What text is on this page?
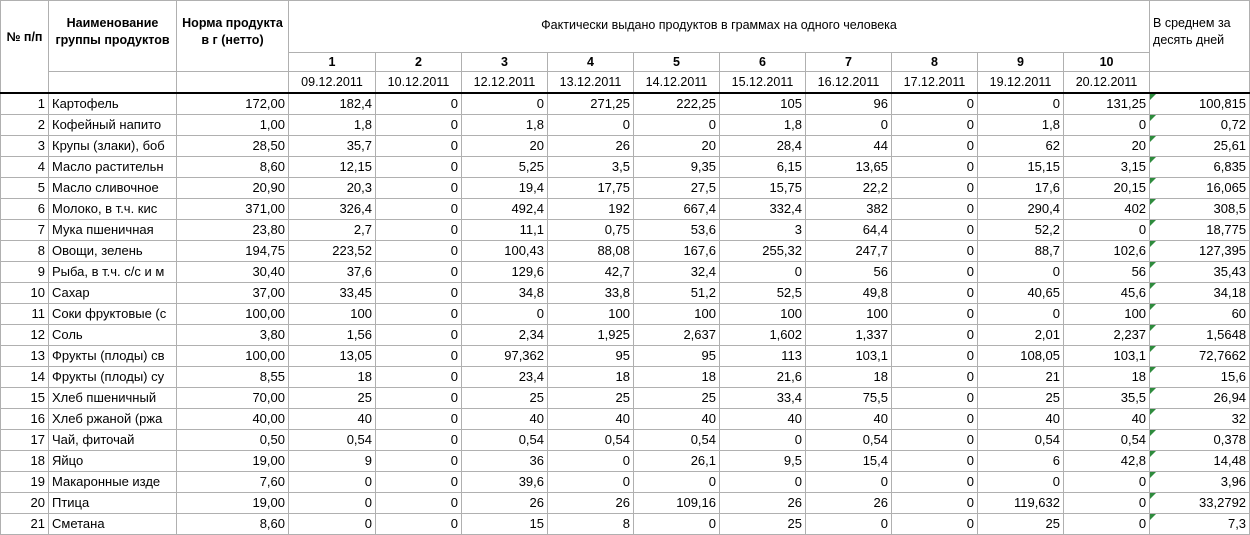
№ п/п	Наименование группы продуктов	Норма продукта в г (нетто)	Фактически выдано продуктов в граммах на одного человека										В среднем за десять дней
			1	2	3	4	5	6	7	8	9	10	
			09.12.2011	10.12.2011	12.12.2011	13.12.2011	14.12.2011	15.12.2011	16.12.2011	17.12.2011	19.12.2011	20.12.2011	
1	Картофель	172,00	182,4	0	0	271,25	222,25	105	96	0	0	131,25	100,815

2	Кофейный напито	1,00	1,8	0	1,8	0	0	1,8	0	0	1,8	0	0,72

3	Крупы (злаки), боб	28,50	35,7	0	20	26	20	28,4	44	0	62	20	25,61

4	Масло растительн	8,60	12,15	0	5,25	3,5	9,35	6,15	13,65	0	15,15	3,15	6,835

5	Масло сливочное	20,90	20,3	0	19,4	17,75	27,5	15,75	22,2	0	17,6	20,15	16,065

6	Молоко, в т.ч. кис	371,00	326,4	0	492,4	192	667,4	332,4	382	0	290,4	402	308,5

7	Мука пшеничная	23,80	2,7	0	11,1	0,75	53,6	3	64,4	0	52,2	0	18,775

8	Овощи, зелень	194,75	223,52	0	100,43	88,08	167,6	255,32	247,7	0	88,7	102,6	127,395

9	Рыба, в т.ч. с/с и м	30,40	37,6	0	129,6	42,7	32,4	0	56	0	0	56	35,43

10	Сахар	37,00	33,45	0	34,8	33,8	51,2	52,5	49,8	0	40,65	45,6	34,18

11	Соки фруктовые (с	100,00	100	0	0	100	100	100	100	0	0	100	60

12	Соль	3,80	1,56	0	2,34	1,925	2,637	1,602	1,337	0	2,01	2,237	1,5648

13	Фрукты (плоды) св	100,00	13,05	0	97,362	95	95	113	103,1	0	108,05	103,1	72,7662

14	Фрукты (плоды) су	8,55	18	0	23,4	18	18	21,6	18	0	21	18	15,6

15	Хлеб пшеничный	70,00	25	0	25	25	25	33,4	75,5	0	25	35,5	26,94

16	Хлеб ржаной (ржа	40,00	40	0	40	40	40	40	40	0	40	40	32

17	Чай, фиточай	0,50	0,54	0	0,54	0,54	0,54	0	0,54	0	0,54	0,54	0,378

18	Яйцо	19,00	9	0	36	0	26,1	9,5	15,4	0	6	42,8	14,48

19	Макаронные изде	7,60	0	0	39,6	0	0	0	0	0	0	0	3,96

20	Птица	19,00	0	0	26	26	109,16	26	26	0	119,632	0	33,2792

21	Сметана	8,60	0	0	15	8	0	25	0	0	25	0	7,3
